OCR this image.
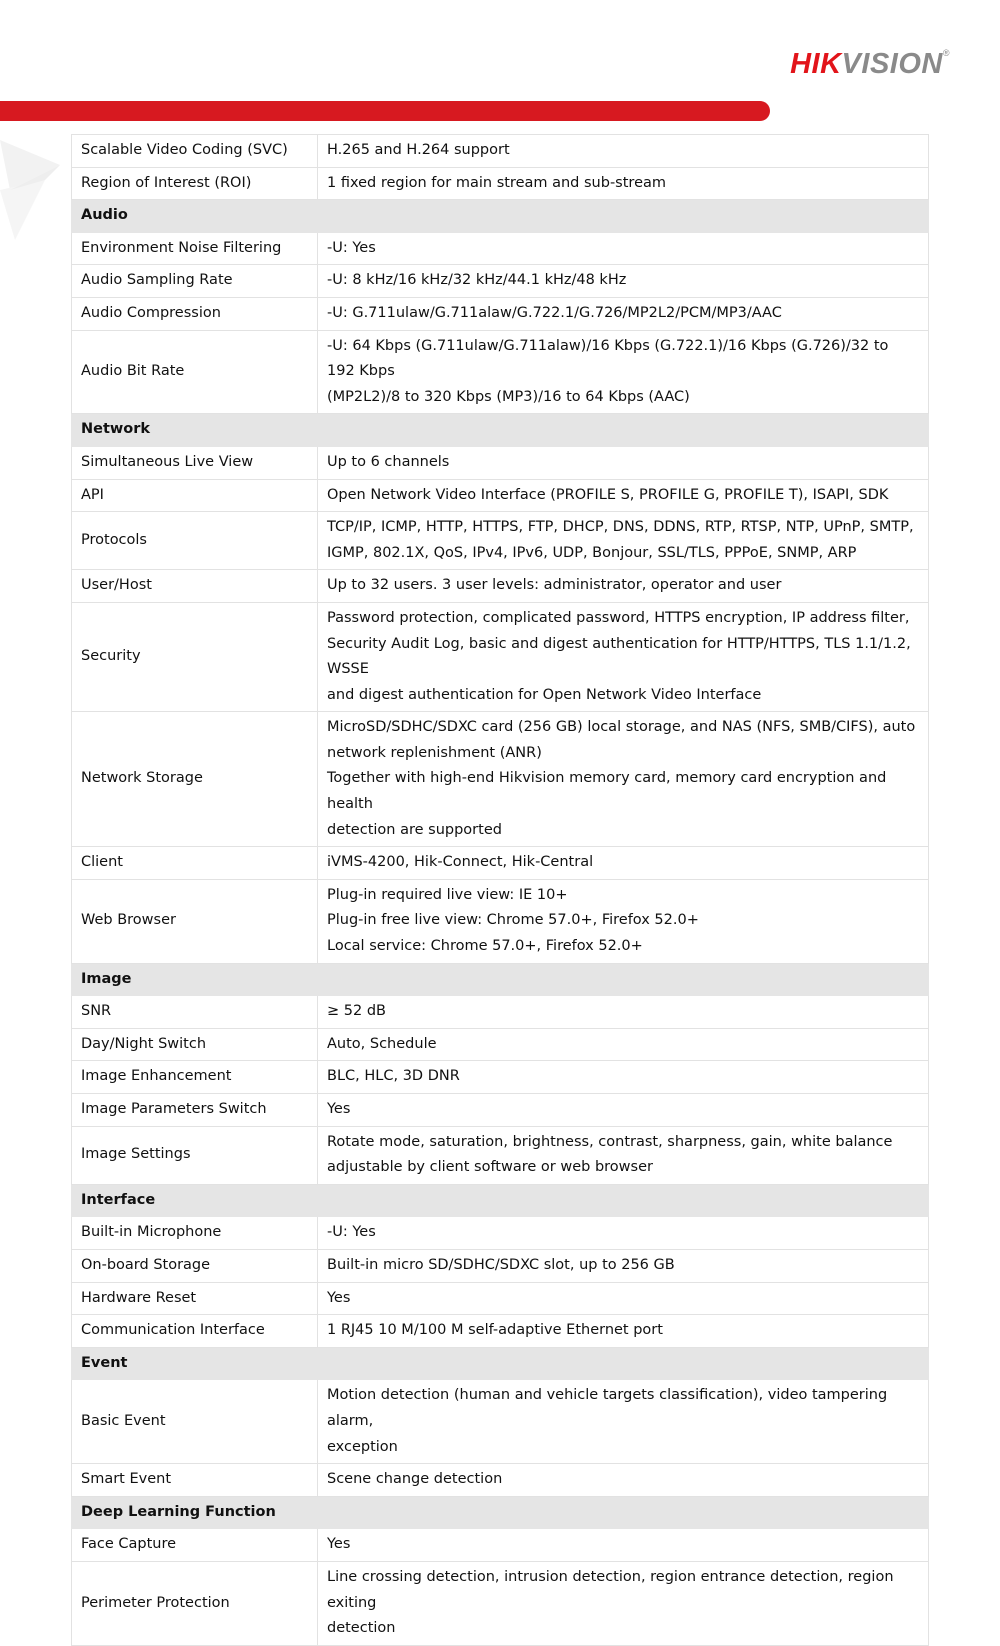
HIKVISION®
Scalable Video Coding (SVC)	H.265 and H.264 support
Region of Interest (ROI)	1 fixed region for main stream and sub-stream
Audio	
Environment Noise Filtering	-U: Yes
Audio Sampling Rate	-U: 8 kHz/16 kHz/32 kHz/44.1 kHz/48 kHz
Audio Compression	-U: G.711ulaw/G.711alaw/G.722.1/G.726/MP2L2/PCM/MP3/AAC
Audio Bit Rate	-U: 64 Kbps (G.711ulaw/G.711alaw)/16 Kbps (G.722.1)/16 Kbps (G.726)/32 to 192 Kbps
(MP2L2)/8 to 320 Kbps (MP3)/16 to 64 Kbps (AAC)

Network	
Simultaneous Live View	Up to 6 channels
API	Open Network Video Interface (PROFILE S, PROFILE G, PROFILE T), ISAPI, SDK
Protocols	TCP/IP, ICMP, HTTP, HTTPS, FTP, DHCP, DNS, DDNS, RTP, RTSP, NTP, UPnP, SMTP,
IGMP, 802.1X, QoS, IPv4, IPv6, UDP, Bonjour, SSL/TLS, PPPoE, SNMP, ARP

User/Host	Up to 32 users. 3 user levels: administrator, operator and user
Security	Password protection, complicated password, HTTPS encryption, IP address filter,
Security Audit Log, basic and digest authentication for HTTP/HTTPS, TLS 1.1/1.2, WSSE
and digest authentication for Open Network Video Interface

Network Storage	MicroSD/SDHC/SDXC card (256 GB) local storage, and NAS (NFS, SMB/CIFS), auto
network replenishment (ANR)
Together with high-end Hikvision memory card, memory card encryption and health
detection are supported

Client	iVMS-4200, Hik-Connect, Hik-Central
Web Browser	Plug-in required live view: IE 10+
Plug-in free live view: Chrome 57.0+, Firefox 52.0+
Local service: Chrome 57.0+, Firefox 52.0+

Image	
SNR	≥ 52 dB
Day/Night Switch	Auto, Schedule
Image Enhancement	BLC, HLC, 3D DNR
Image Parameters Switch	Yes
Image Settings	Rotate mode, saturation, brightness, contrast, sharpness, gain, white balance
adjustable by client software or web browser

Interface	
Built-in Microphone	-U: Yes
On-board Storage	Built-in micro SD/SDHC/SDXC slot, up to 256 GB
Hardware Reset	Yes
Communication Interface	1 RJ45 10 M/100 M self-adaptive Ethernet port
Event	
Basic Event	Motion detection (human and vehicle targets classification), video tampering alarm,
exception

Smart Event	Scene change detection
Deep Learning Function	
Face Capture	Yes
Perimeter Protection	Line crossing detection, intrusion detection, region entrance detection, region exiting
detection
